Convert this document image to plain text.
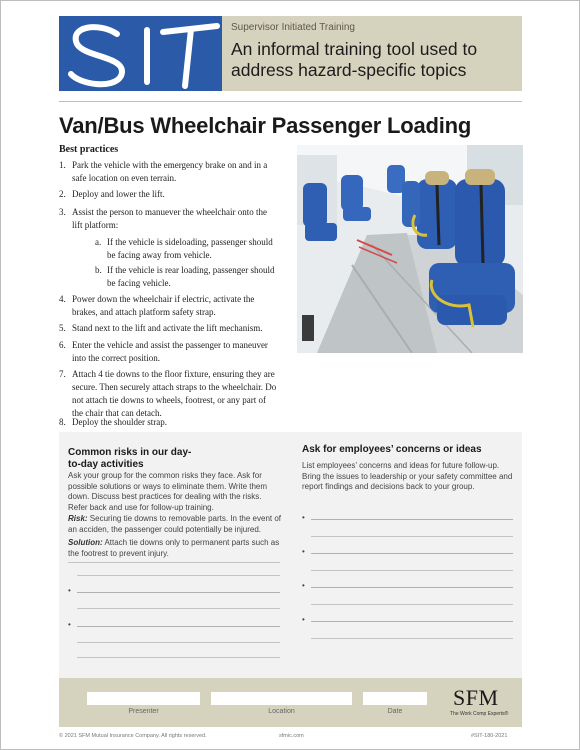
Supervisor Initiated Training
An informal training tool used to address hazard-specific topics
Van/Bus Wheelchair Passenger Loading
Best practices
1. Park the vehicle with the emergency brake on and in a safe location on even terrain.
2. Deploy and lower the lift.
3. Assist the person to manuever the wheelchair onto the lift platform:
a. If the vehicle is sideloading, passenger should be facing away from vehicle.
b. If the vehicle is rear loading, passenger should be facing vehicle.
4. Power down the wheelchair if electric, activate the brakes, and attach platform safety strap.
5. Stand next to the lift and activate the lift mechanism.
6. Enter the vehicle and assist the passenger to maneuver into the correct position.
7. Attach 4 tie downs to the floor fixture, ensuring they are secure. Then securely attach straps to the wheelchair. Do not attach tie downs to wheels, footrest, or any part of the chair that can detach.
8. Deploy the shoulder strap.
Common risks in our day-to-day activities
Ask your group for the common risks they face. Ask for possible solutions or ways to eliminate them. Write them down. Discuss best practices for dealing with the risks. Refer back and use for follow-up training.
Risk: Securing tie downs to removable parts. In the event of an acciden, the passenger could potentially be injured.
Solution: Attach tie downs only to permanent parts such as the footrest to prevent injury.
•
•
Ask for employees’ concerns or ideas
List employees’ concerns and ideas for future follow-up. Bring the issues to leadership or your safety committee and report findings and decisions back to your group.
•
•
•
•
Presenter	Location	Date
SFM
The Work Comp Experts®
© 2021 SFM Mutual Insurance Company. All rights reserved.	sfmic.com	#SIT-180-2021
